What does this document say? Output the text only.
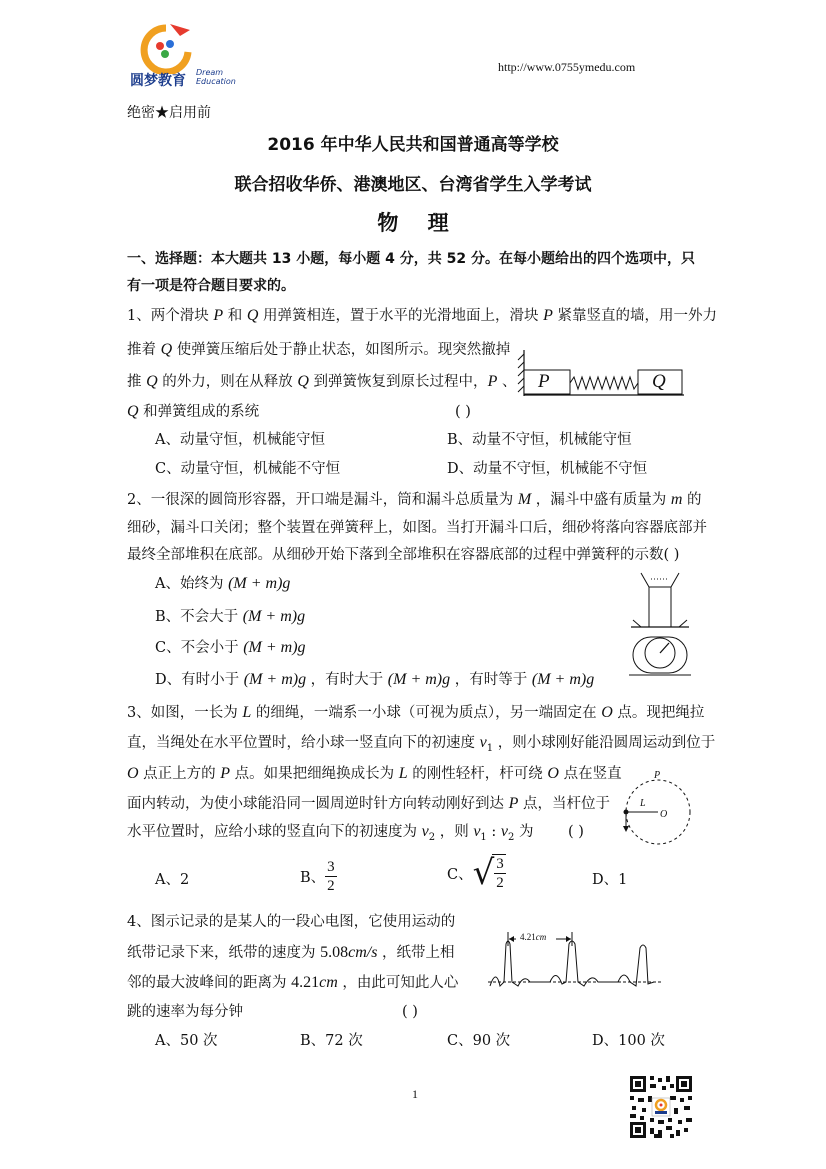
圆梦教育
Dream
Education
http://www.0755ymedu.com
绝密★启用前
2016 年中华人民共和国普通高等学校
联合招收华侨、港澳地区、台湾省学生入学考试
物    理
一、选择题：本大题共 13 小题，每小题 4 分，共 52 分。在每小题给出的四个选项中，只
有一项是符合题目要求的。
1、两个滑块 P 和 Q 用弹簧相连，置于水平的光滑地面上，滑块 P 紧靠竖直的墙，用一外力
推着 Q 使弹簧压缩后处于静止状态，如图所示。现突然撤掉
推 Q 的外力，则在从释放 Q 到弹簧恢复到原长过程中，P 、
Q 和弹簧组成的系统	( )
P	Q
A、动量守恒，机械能守恒	B、动量不守恒，机械能守恒
C、动量守恒，机械能不守恒	D、动量不守恒，机械能不守恒
2、一很深的圆筒形容器，开口端是漏斗，筒和漏斗总质量为 M ，漏斗中盛有质量为 m 的
细砂，漏斗口关闭；整个装置在弹簧秤上，如图。当打开漏斗口后，细砂将落向容器底部并
最终全部堆积在底部。从细砂开始下落到全部堆积在容器底部的过程中弹簧秤的示数( )
A、始终为 (M + m)g
B、不会大于 (M + m)g
C、不会小于 (M + m)g
D、有时小于 (M + m)g ，有时大于 (M + m)g ，有时等于 (M + m)g
3、如图，一长为 L 的细绳，一端系一小球（可视为质点），另一端固定在 O 点。现把绳拉
直，当绳处在水平位置时，给小球一竖直向下的初速度 $v_1$ ，则小球刚好能沿圆周运动到位于
O 点正上方的 P 点。如果把细绳换成长为 L 的刚性轻杆，杆可绕 O 点在竖直
面内转动，为使小球能沿同一圆周逆时针方向转动刚好到达 P 点，当杆位于
水平位置时，应给小球的竖直向下的初速度为 $v_2$ ，则 $v_1$ : $v_2$ 为 ( )
P
L
O
A、2	B、 $\frac{3}{2}$	C、 √ $\frac{3}{2}$	D、1
4、图示记录的是某人的一段心电图，它使用运动的
纸带记录下来，纸带的速度为 5.08cm/s ，纸带上相
邻的最大波峰间的距离为 4.21cm ，由此可知此人心
跳的速率为每分钟	( )
4.21cm
A、50 次	B、72 次	C、90 次	D、100 次
1
